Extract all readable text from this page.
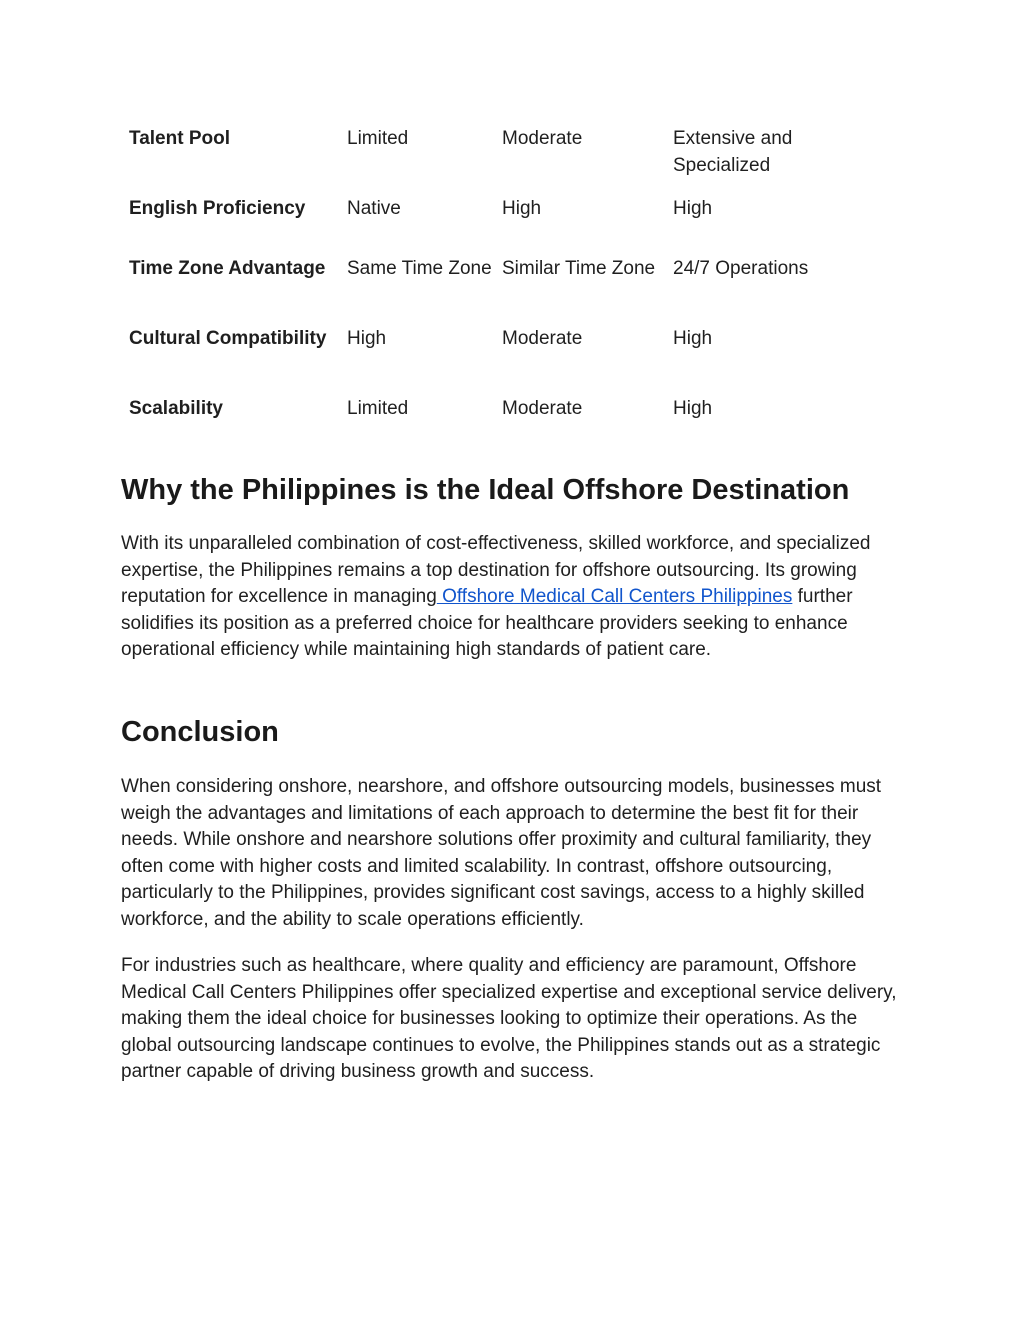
Talent Pool	Limited	Moderate	Extensive and Specialized
English Proficiency	Native	High	High
Time Zone Advantage	Same Time Zone	Similar Time Zone	24/7 Operations
Cultural Compatibility	High	Moderate	High
Scalability	Limited	Moderate	High
Why the Philippines is the Ideal Offshore Destination

With its unparalleled combination of cost-effectiveness, skilled workforce, and specialized expertise, the Philippines remains a top destination for offshore outsourcing. Its growing reputation for excellence in managing Offshore Medical Call Centers Philippines further solidifies its position as a preferred choice for healthcare providers seeking to enhance operational efficiency while maintaining high standards of patient care.

Conclusion

When considering onshore, nearshore, and offshore outsourcing models, businesses must weigh the advantages and limitations of each approach to determine the best fit for their needs. While onshore and nearshore solutions offer proximity and cultural familiarity, they often come with higher costs and limited scalability. In contrast, offshore outsourcing, particularly to the Philippines, provides significant cost savings, access to a highly skilled workforce, and the ability to scale operations efficiently.

For industries such as healthcare, where quality and efficiency are paramount, Offshore Medical Call Centers Philippines offer specialized expertise and exceptional service delivery, making them the ideal choice for businesses looking to optimize their operations. As the global outsourcing landscape continues to evolve, the Philippines stands out as a strategic partner capable of driving business growth and success.
